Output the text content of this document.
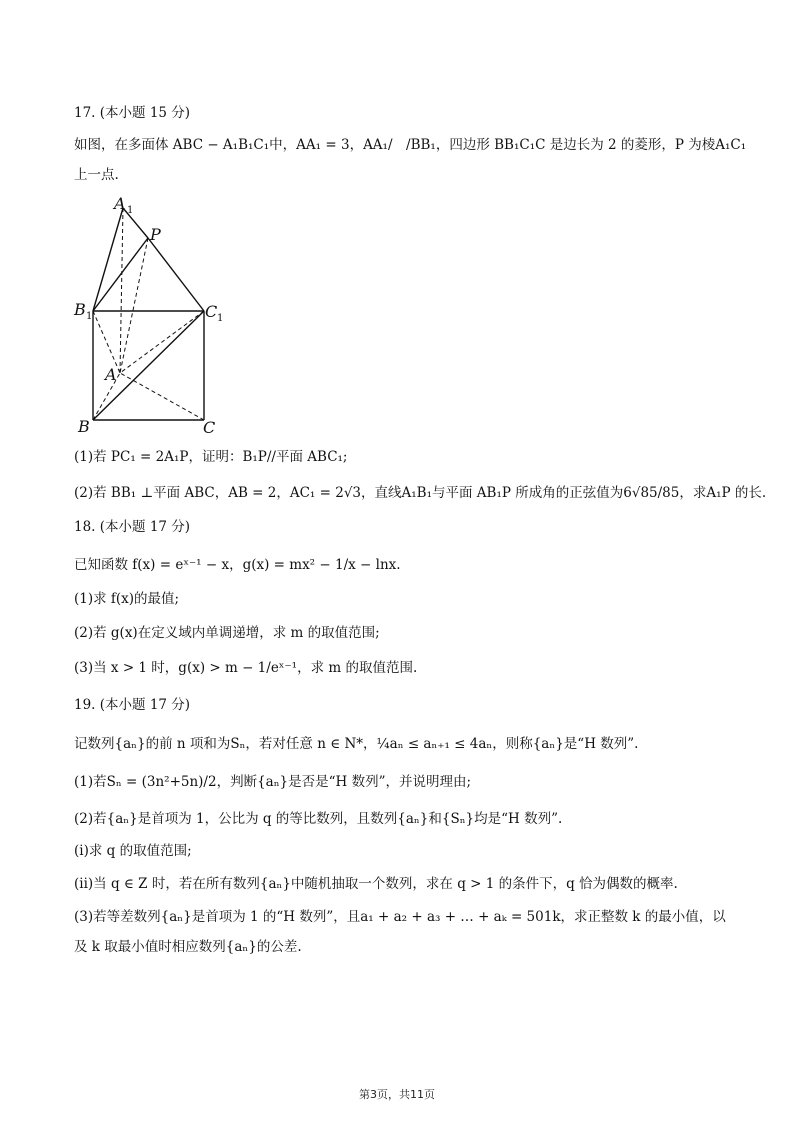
17. (本小题 15 分)
如图，在多面体 ABC − A₁B₁C₁中，AA₁ = 3，AA₁/　/BB₁，四边形 BB₁C₁C 是边长为 2 的菱形，P 为棱A₁C₁
上一点.
A 1
P
B 1	C 1
A
B	C
(1)若 PC₁ = 2A₁P，证明：B₁P//平面 ABC₁;
(2)若 BB₁ ⊥平面 ABC，AB = 2，AC₁ = 2√3，直线A₁B₁与平面 AB₁P 所成角的正弦值为6√85/85，求A₁P 的长.
18. (本小题 17 分)
已知函数 f(x) = eˣ⁻¹ − x，g(x) = mx² − 1/x − lnx.
(1)求 f(x)的最值;
(2)若 g(x)在定义域内单调递增，求 m 的取值范围;
(3)当 x > 1 时，g(x) > m − 1/eˣ⁻¹，求 m 的取值范围.
19. (本小题 17 分)
记数列{aₙ}的前 n 项和为Sₙ，若对任意 n ∈ N*，¼aₙ ≤ aₙ₊₁ ≤ 4aₙ，则称{aₙ}是“H 数列”.
(1)若Sₙ = (3n²+5n)/2，判断{aₙ}是否是“H 数列”，并说明理由;
(2)若{aₙ}是首项为 1，公比为 q 的等比数列，且数列{aₙ}和{Sₙ}均是“H 数列”.
(i)求 q 的取值范围;
(ii)当 q ∈ Z 时，若在所有数列{aₙ}中随机抽取一个数列，求在 q > 1 的条件下，q 恰为偶数的概率.
(3)若等差数列{aₙ}是首项为 1 的“H 数列”，且a₁ + a₂ + a₃ + … + aₖ = 501k，求正整数 k 的最小值，以
及 k 取最小值时相应数列{aₙ}的公差.
第3页，共11页
